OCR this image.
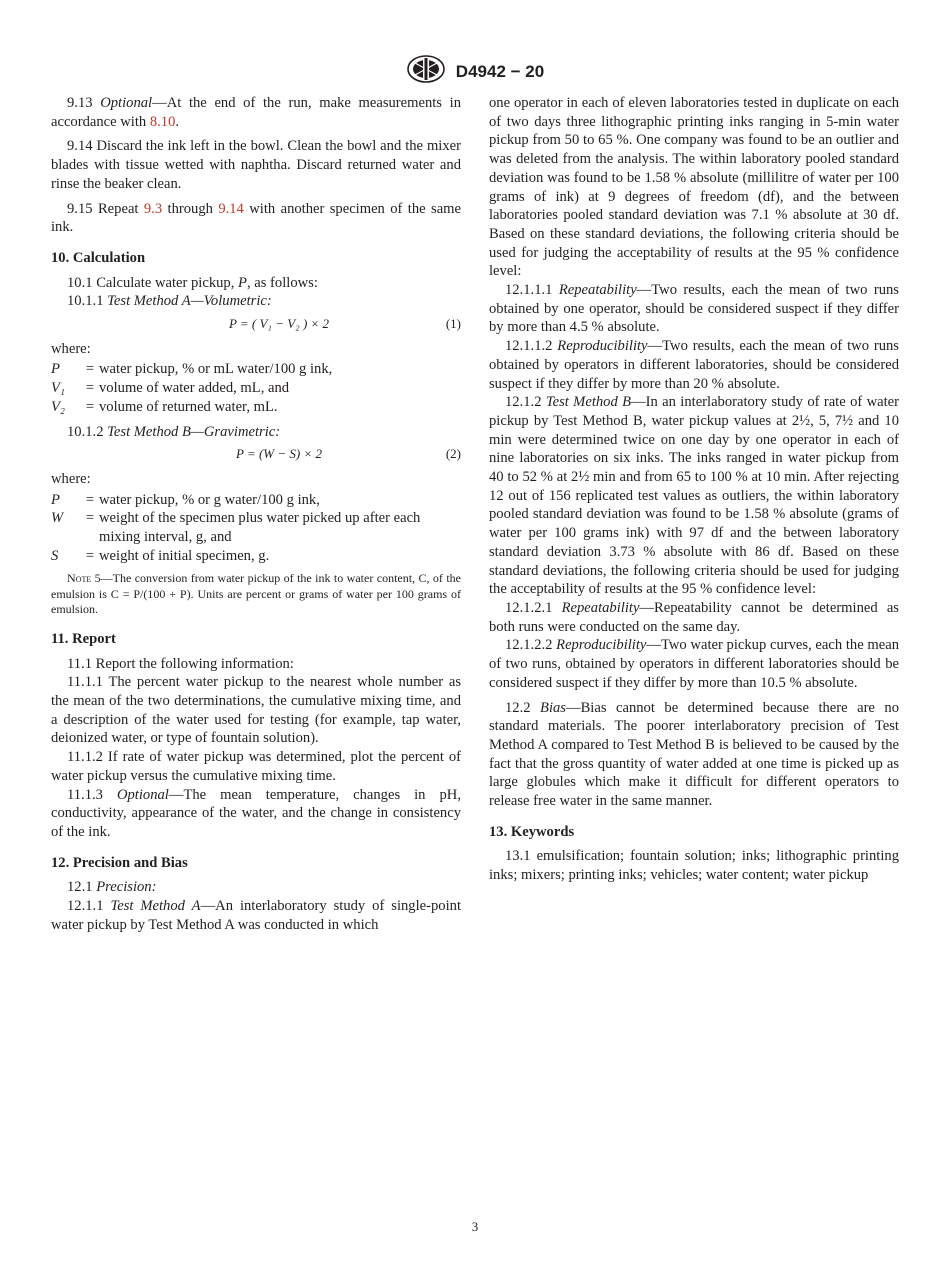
D4942 − 20

9.13 Optional—At the end of the run, make measurements in accordance with 8.10.

9.14 Discard the ink left in the bowl. Clean the bowl and the mixer blades with tissue wetted with naphtha. Discard returned water and rinse the beaker clean.

9.15 Repeat 9.3 through 9.14 with another specimen of the same ink.

10. Calculation

10.1 Calculate water pickup, P, as follows:

10.1.1 Test Method A—Volumetric:

P = ( V₁ − V₂ ) × 2	(1)

where:

P	= water pickup, % or mL water/100 g ink,
V₁	= volume of water added, mL, and
V₂	= volume of returned water, mL.

10.1.2 Test Method B—Gravimetric:

P = (W − S) × 2	(2)

where:

P	= water pickup, % or g water/100 g ink,
W	= weight of the specimen plus water picked up after each mixing interval, g, and
S	= weight of initial specimen, g.

Note 5—The conversion from water pickup of the ink to water content, C, of the emulsion is C = P/(100 + P). Units are percent or grams of water per 100 grams of emulsion.

11. Report

11.1 Report the following information:

11.1.1 The percent water pickup to the nearest whole number as the mean of the two determinations, the cumulative mixing time, and a description of the water used for testing (for example, tap water, deionized water, or type of fountain solution).

11.1.2 If rate of water pickup was determined, plot the percent of water pickup versus the cumulative mixing time.

11.1.3 Optional—The mean temperature, changes in pH, conductivity, appearance of the water, and the change in consistency of the ink.

12. Precision and Bias

12.1 Precision:

12.1.1 Test Method A—An interlaboratory study of single-point water pickup by Test Method A was conducted in which

one operator in each of eleven laboratories tested in duplicate on each of two days three lithographic printing inks ranging in 5-min water pickup from 50 to 65 %. One company was found to be an outlier and was deleted from the analysis. The within laboratory pooled standard deviation was found to be 1.58 % absolute (millilitre of water per 100 grams of ink) at 9 degrees of freedom (df), and the between laboratories pooled standard deviation was 7.1 % absolute at 30 df. Based on these standard deviations, the following criteria should be used for judging the acceptability of results at the 95 % confidence level:

12.1.1.1 Repeatability—Two results, each the mean of two runs obtained by one operator, should be considered suspect if they differ by more than 4.5 % absolute.

12.1.1.2 Reproducibility—Two results, each the mean of two runs obtained by operators in different laboratories, should be considered suspect if they differ by more than 20 % absolute.

12.1.2 Test Method B—In an interlaboratory study of rate of water pickup by Test Method B, water pickup values at 2½, 5, 7½ and 10 min were determined twice on one day by one operator in each of nine laboratories on six inks. The inks ranged in water pickup from 40 to 52 % at 2½ min and from 65 to 100 % at 10 min. After rejecting 12 out of 156 replicated test values as outliers, the within laboratory pooled standard deviation was found to be 1.58 % absolute (grams of water per 100 grams ink) with 97 df and the between laboratory standard deviation 3.73 % absolute with 86 df. Based on these standard deviations, the following criteria should be used for judging the acceptability of results at the 95 % confidence level:

12.1.2.1 Repeatability—Repeatability cannot be determined as both runs were conducted on the same day.

12.1.2.2 Reproducibility—Two water pickup curves, each the mean of two runs, obtained by operators in different laboratories should be considered suspect if they differ by more than 10.5 % absolute.

12.2 Bias—Bias cannot be determined because there are no standard materials. The poorer interlaboratory precision of Test Method A compared to Test Method B is believed to be caused by the fact that the gross quantity of water added at one time is picked up as large globules which make it difficult for different operators to release free water in the same manner.

13. Keywords

13.1 emulsification; fountain solution; inks; lithographic printing inks; mixers; printing inks; vehicles; water content; water pickup

3
